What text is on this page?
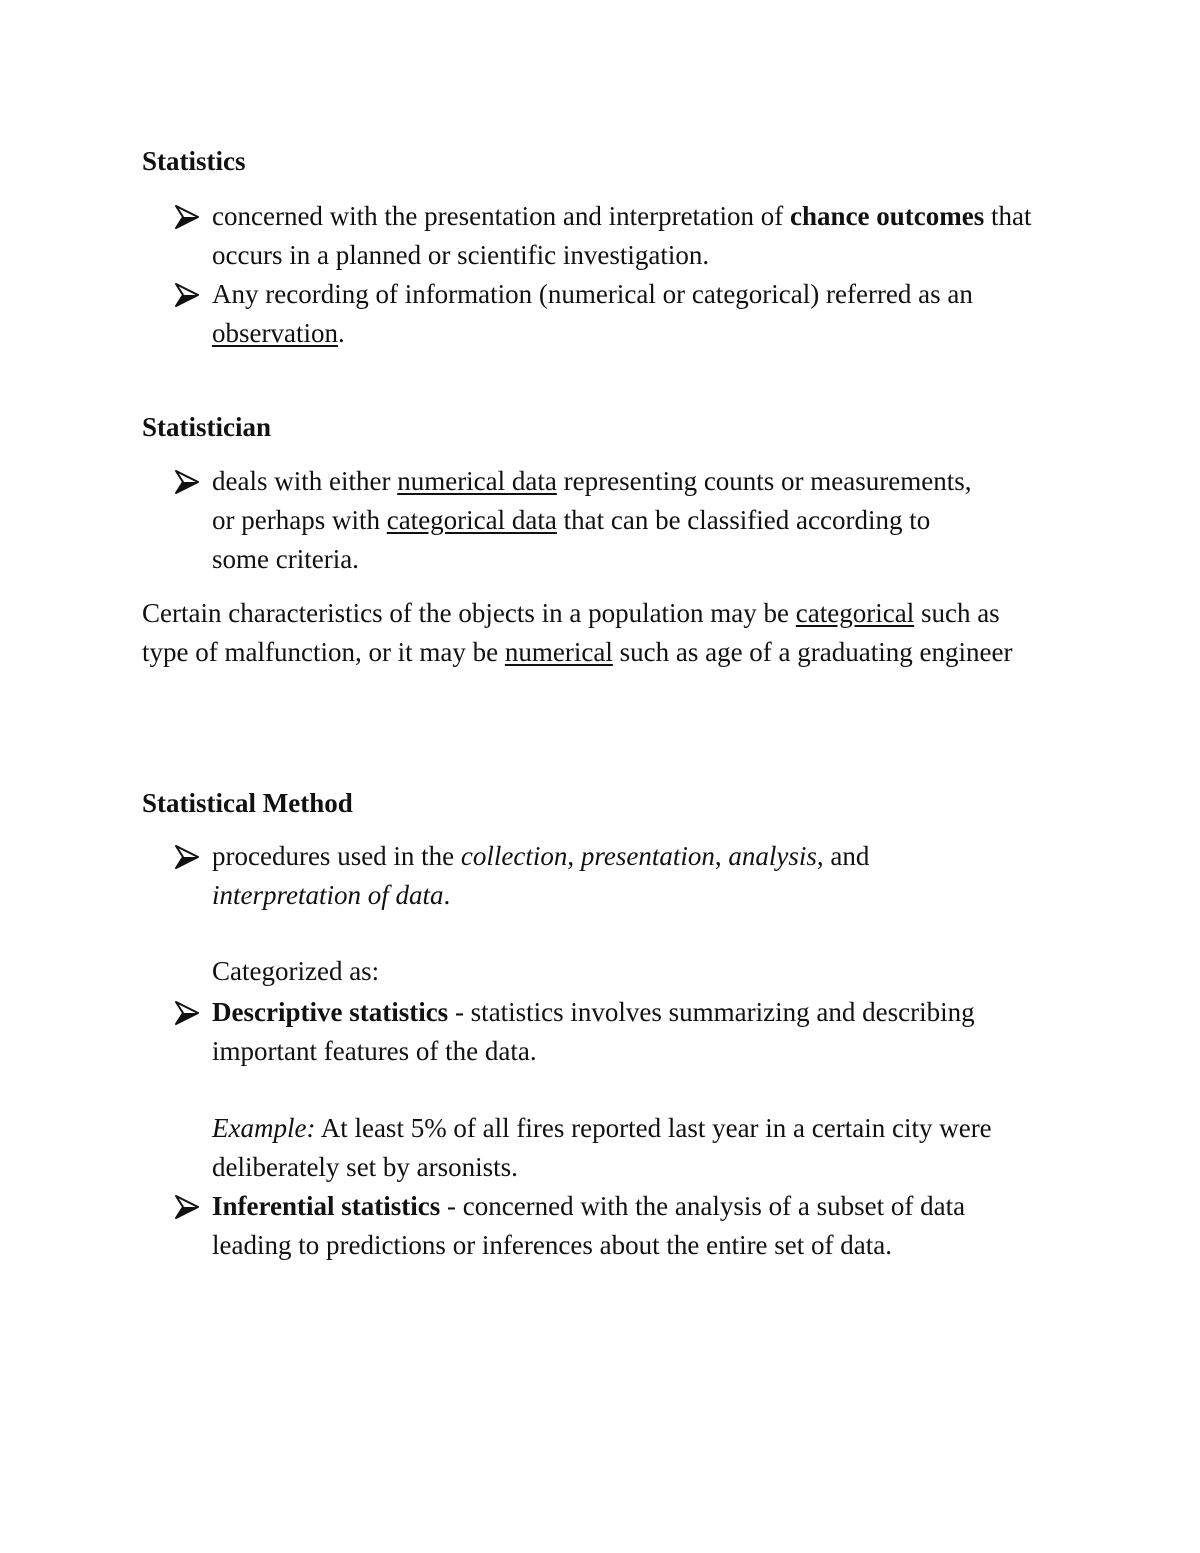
Statistics
concerned with the presentation and interpretation of chance outcomes that occurs in a planned or scientific investigation.
Any recording of information (numerical or categorical) referred as an observation.
Statistician
deals with either numerical data representing counts or measurements, or perhaps with categorical data that can be classified according to some criteria.
Certain characteristics of the objects in a population may be categorical such as type of malfunction, or it may be numerical such as age of a graduating engineer
Statistical Method
procedures used in the collection, presentation, analysis, and interpretation of data.
Categorized as:
Descriptive statistics - statistics involves summarizing and describing important features of the data.
Example: At least 5% of all fires reported last year in a certain city were deliberately set by arsonists.
Inferential statistics - concerned with the analysis of a subset of data leading to predictions or inferences about the entire set of data.
